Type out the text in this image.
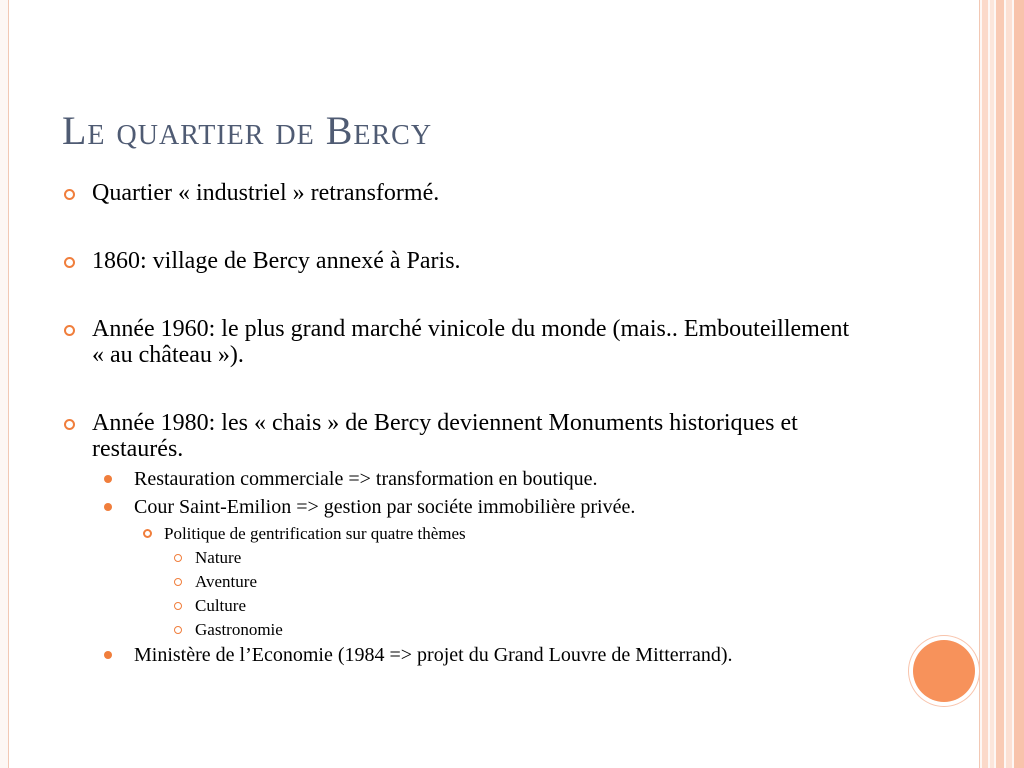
Le quartier de Bercy
Quartier « industriel » retransformé.
1860: village de Bercy annexé à Paris.
Année 1960: le plus grand marché vinicole du monde (mais.. Embouteillement « au château »).
Année 1980: les « chais » de Bercy deviennent Monuments historiques et restaurés.
Restauration commerciale => transformation en boutique.
Cour Saint-Emilion => gestion par sociéte immobilière privée.
Politique de gentrification sur quatre thèmes
Nature
Aventure
Culture
Gastronomie
Ministère de l’Economie (1984 => projet du Grand Louvre de Mitterrand).
